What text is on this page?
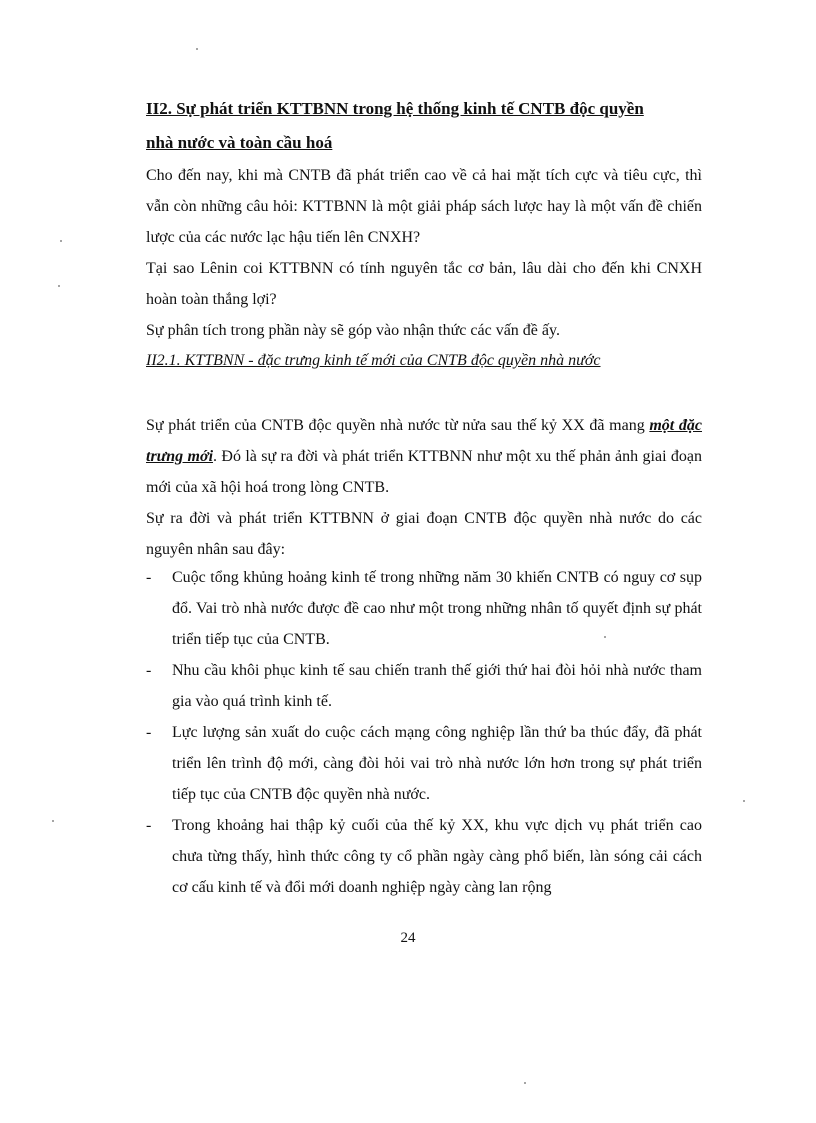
II2. Sự phát triển KTTBNN trong hệ thống kinh tế CNTB độc quyền
nhà nước và toàn cầu hoá
Cho đến nay, khi mà CNTB đã phát triển cao về cả hai mặt tích cực và tiêu cực, thì vẫn còn những câu hỏi: KTTBNN là một giải pháp sách lược hay là một vấn đề chiến lược của các nước lạc hậu tiến lên CNXH?
Tại sao Lênin coi KTTBNN có tính nguyên tắc cơ bản, lâu dài cho đến khi CNXH hoàn toàn thắng lợi?
Sự phân tích trong phần này sẽ góp vào nhận thức các vấn đề ấy.
II2.1. KTTBNN - đặc trưng kinh tế mới của CNTB độc quyền nhà nước
Sự phát triển của CNTB độc quyền nhà nước từ nửa sau thế kỷ XX đã mang một đặc trưng mới. Đó là sự ra đời và phát triển KTTBNN như một xu thế phản ảnh giai đoạn mới của xã hội hoá trong lòng CNTB.
Sự ra đời và phát triển KTTBNN ở giai đoạn CNTB độc quyền nhà nước do các nguyên nhân sau đây:
- Cuộc tổng khủng hoảng kinh tế trong những năm 30 khiến CNTB có nguy cơ sụp đổ. Vai trò nhà nước được đề cao như một trong những nhân tố quyết định sự phát triển tiếp tục của CNTB.
- Nhu cầu khôi phục kinh tế sau chiến tranh thế giới thứ hai đòi hỏi nhà nước tham gia vào quá trình kinh tế.
- Lực lượng sản xuất do cuộc cách mạng công nghiệp lần thứ ba thúc đẩy, đã phát triển lên trình độ mới, càng đòi hỏi vai trò nhà nước lớn hơn trong sự phát triển tiếp tục của CNTB độc quyền nhà nước.
- Trong khoảng hai thập kỷ cuối của thế kỷ XX, khu vực dịch vụ phát triển cao chưa từng thấy, hình thức công ty cổ phần ngày càng phổ biến, làn sóng cải cách cơ cấu kinh tế và đổi mới doanh nghiệp ngày càng lan rộng
24
